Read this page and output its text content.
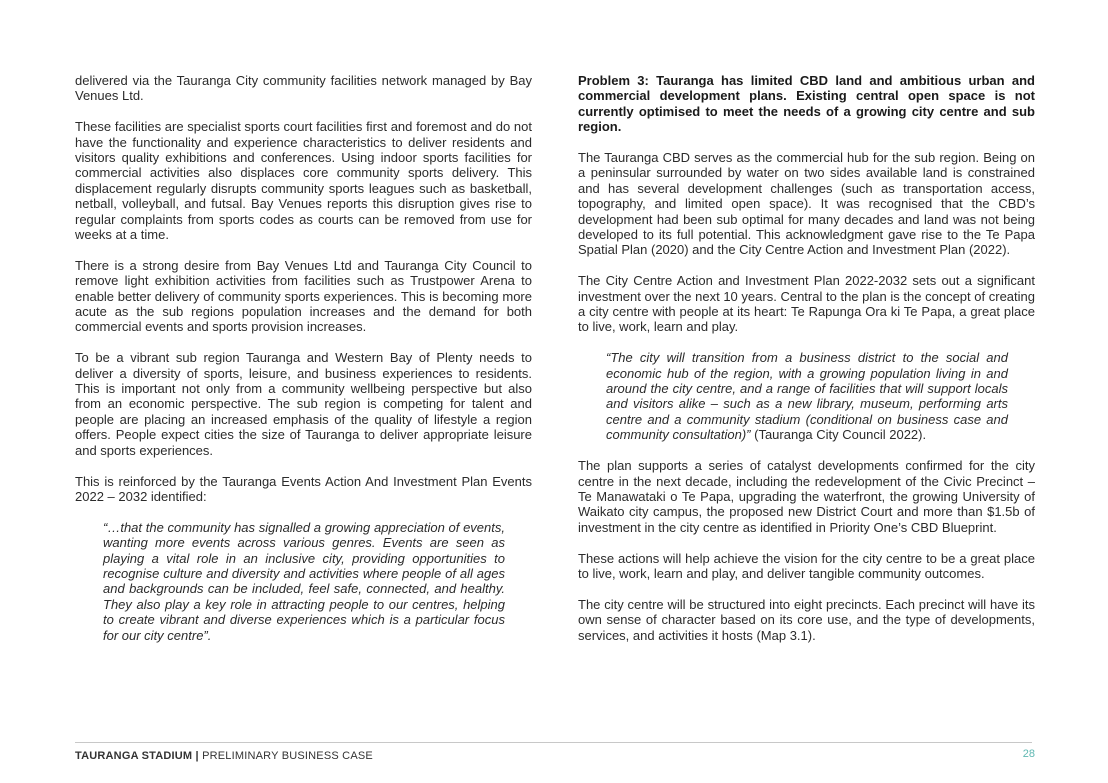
delivered via the Tauranga City community facilities network managed by Bay Venues Ltd.

These facilities are specialist sports court facilities first and foremost and do not have the functionality and experience characteristics to deliver residents and visitors quality exhibitions and conferences. Using indoor sports facilities for commercial activities also displaces core community sports delivery. This displacement regularly disrupts community sports leagues such as basketball, netball, volleyball, and futsal. Bay Venues reports this disruption gives rise to regular complaints from sports codes as courts can be removed from use for weeks at a time.

There is a strong desire from Bay Venues Ltd and Tauranga City Council to remove light exhibition activities from facilities such as Trustpower Arena to enable better delivery of community sports experiences. This is becoming more acute as the sub regions population increases and the demand for both commercial events and sports provision increases.

To be a vibrant sub region Tauranga and Western Bay of Plenty needs to deliver a diversity of sports, leisure, and business experiences to residents. This is important not only from a community wellbeing perspective but also from an economic perspective. The sub region is competing for talent and people are placing an increased emphasis of the quality of lifestyle a region offers. People expect cities the size of Tauranga to deliver appropriate leisure and sports experiences.

This is reinforced by the Tauranga Events Action And Investment Plan Events 2022 – 2032 identified:

“…that the community has signalled a growing appreciation of events, wanting more events across various genres. Events are seen as playing a vital role in an inclusive city, providing opportunities to recognise culture and diversity and activities where people of all ages and backgrounds can be included, feel safe, connected, and healthy. They also play a key role in attracting people to our centres, helping to create vibrant and diverse experiences which is a particular focus for our city centre”.

Problem 3: Tauranga has limited CBD land and ambitious urban and commercial development plans. Existing central open space is not currently optimised to meet the needs of a growing city centre and sub region.

The Tauranga CBD serves as the commercial hub for the sub region. Being on a peninsular surrounded by water on two sides available land is constrained and has several development challenges (such as transportation access, topography, and limited open space). It was recognised that the CBD’s development had been sub optimal for many decades and land was not being developed to its full potential. This acknowledgment gave rise to the Te Papa Spatial Plan (2020) and the City Centre Action and Investment Plan (2022).

The City Centre Action and Investment Plan 2022-2032 sets out a significant investment over the next 10 years. Central to the plan is the concept of creating a city centre with people at its heart: Te Rapunga Ora ki Te Papa, a great place to live, work, learn and play.

“The city will transition from a business district to the social and economic hub of the region, with a growing population living in and around the city centre, and a range of facilities that will support locals and visitors alike – such as a new library, museum, performing arts centre and a community stadium (conditional on business case and community consultation)” (Tauranga City Council 2022).

The plan supports a series of catalyst developments confirmed for the city centre in the next decade, including the redevelopment of the Civic Precinct – Te Manawataki o Te Papa, upgrading the waterfront, the growing University of Waikato city campus, the proposed new District Court and more than $1.5b of investment in the city centre as identified in Priority One’s CBD Blueprint.

These actions will help achieve the vision for the city centre to be a great place to live, work, learn and play, and deliver tangible community outcomes.

The city centre will be structured into eight precincts. Each precinct will have its own sense of character based on its core use, and the type of developments, services, and activities it hosts (Map 3.1).

TAURANGA STADIUM | PRELIMINARY BUSINESS CASE	28
